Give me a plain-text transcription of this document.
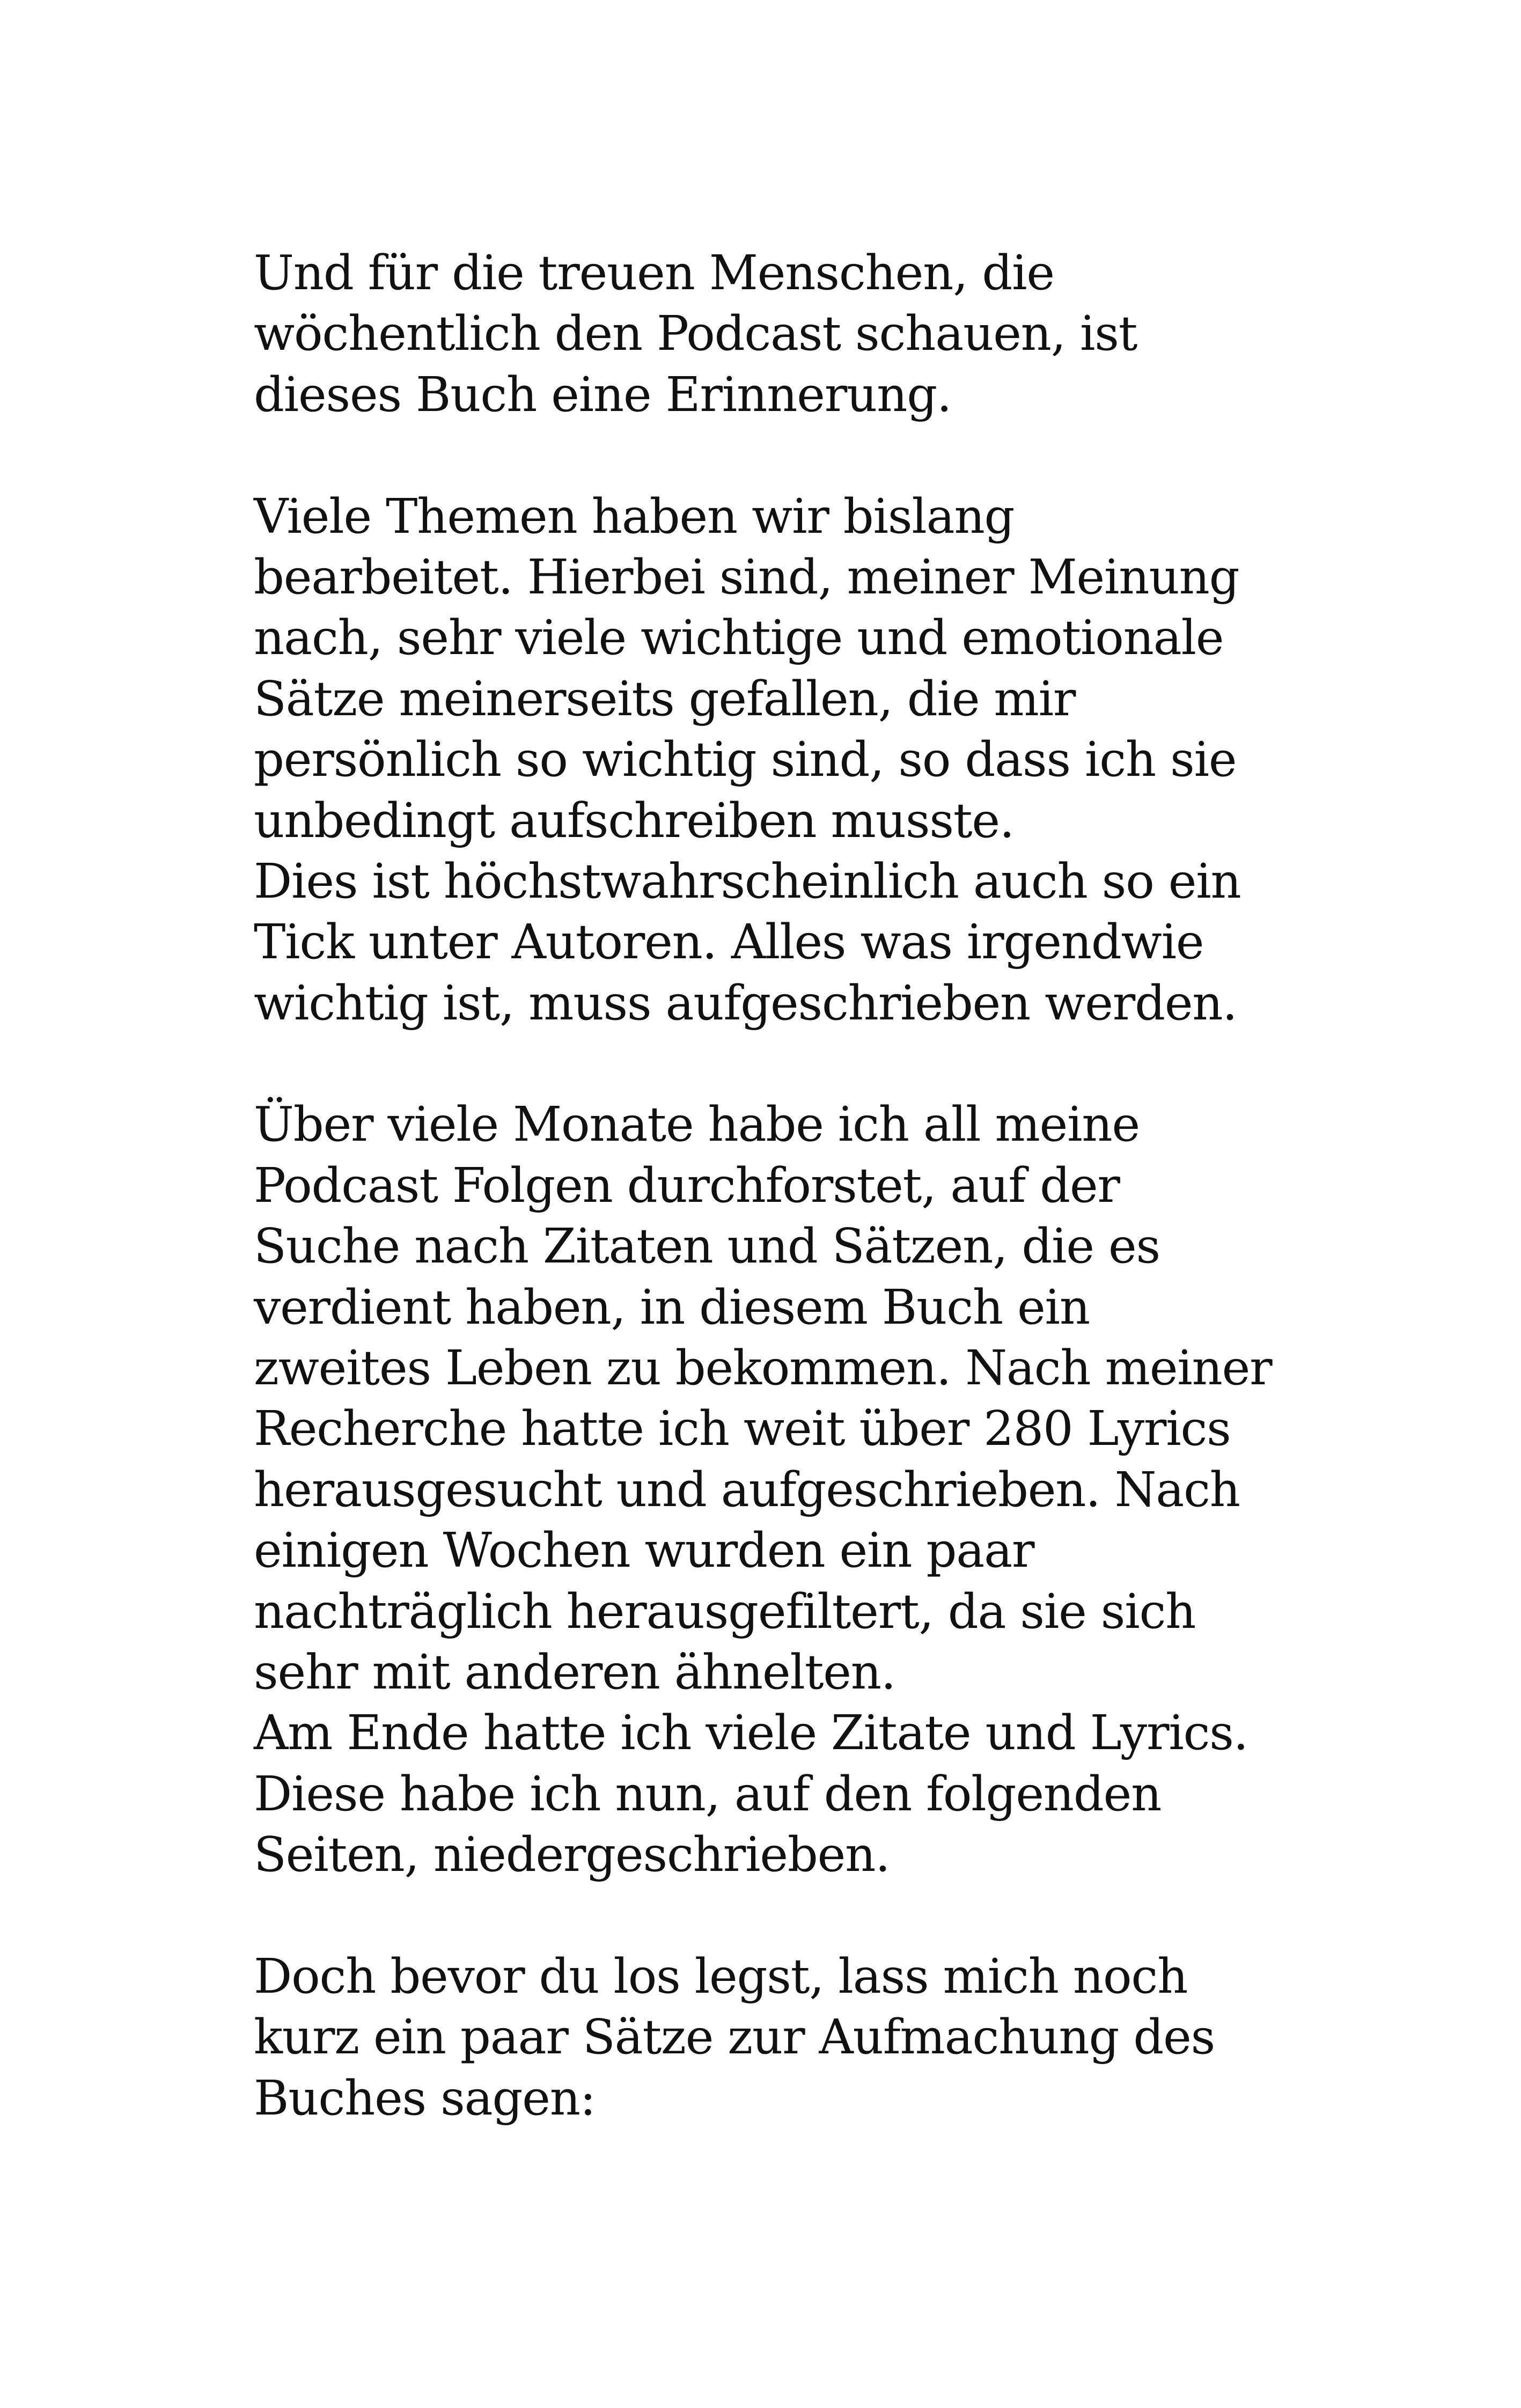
Und für die treuen Menschen, die
wöchentlich den Podcast schauen, ist
dieses Buch eine Erinnerung.
Viele Themen haben wir bislang
bearbeitet. Hierbei sind, meiner Meinung
nach, sehr viele wichtige und emotionale
Sätze meinerseits gefallen, die mir
persönlich so wichtig sind, so dass ich sie
unbedingt aufschreiben musste.
Dies ist höchstwahrscheinlich auch so ein
Tick unter Autoren. Alles was irgendwie
wichtig ist, muss aufgeschrieben werden.
Über viele Monate habe ich all meine
Podcast Folgen durchforstet, auf der
Suche nach Zitaten und Sätzen, die es
verdient haben, in diesem Buch ein
zweites Leben zu bekommen. Nach meiner
Recherche hatte ich weit über 280 Lyrics
herausgesucht und aufgeschrieben. Nach
einigen Wochen wurden ein paar
nachträglich herausgefiltert, da sie sich
sehr mit anderen ähnelten.
Am Ende hatte ich viele Zitate und Lyrics.
Diese habe ich nun, auf den folgenden
Seiten, niedergeschrieben.
Doch bevor du los legst, lass mich noch
kurz ein paar Sätze zur Aufmachung des
Buches sagen:
